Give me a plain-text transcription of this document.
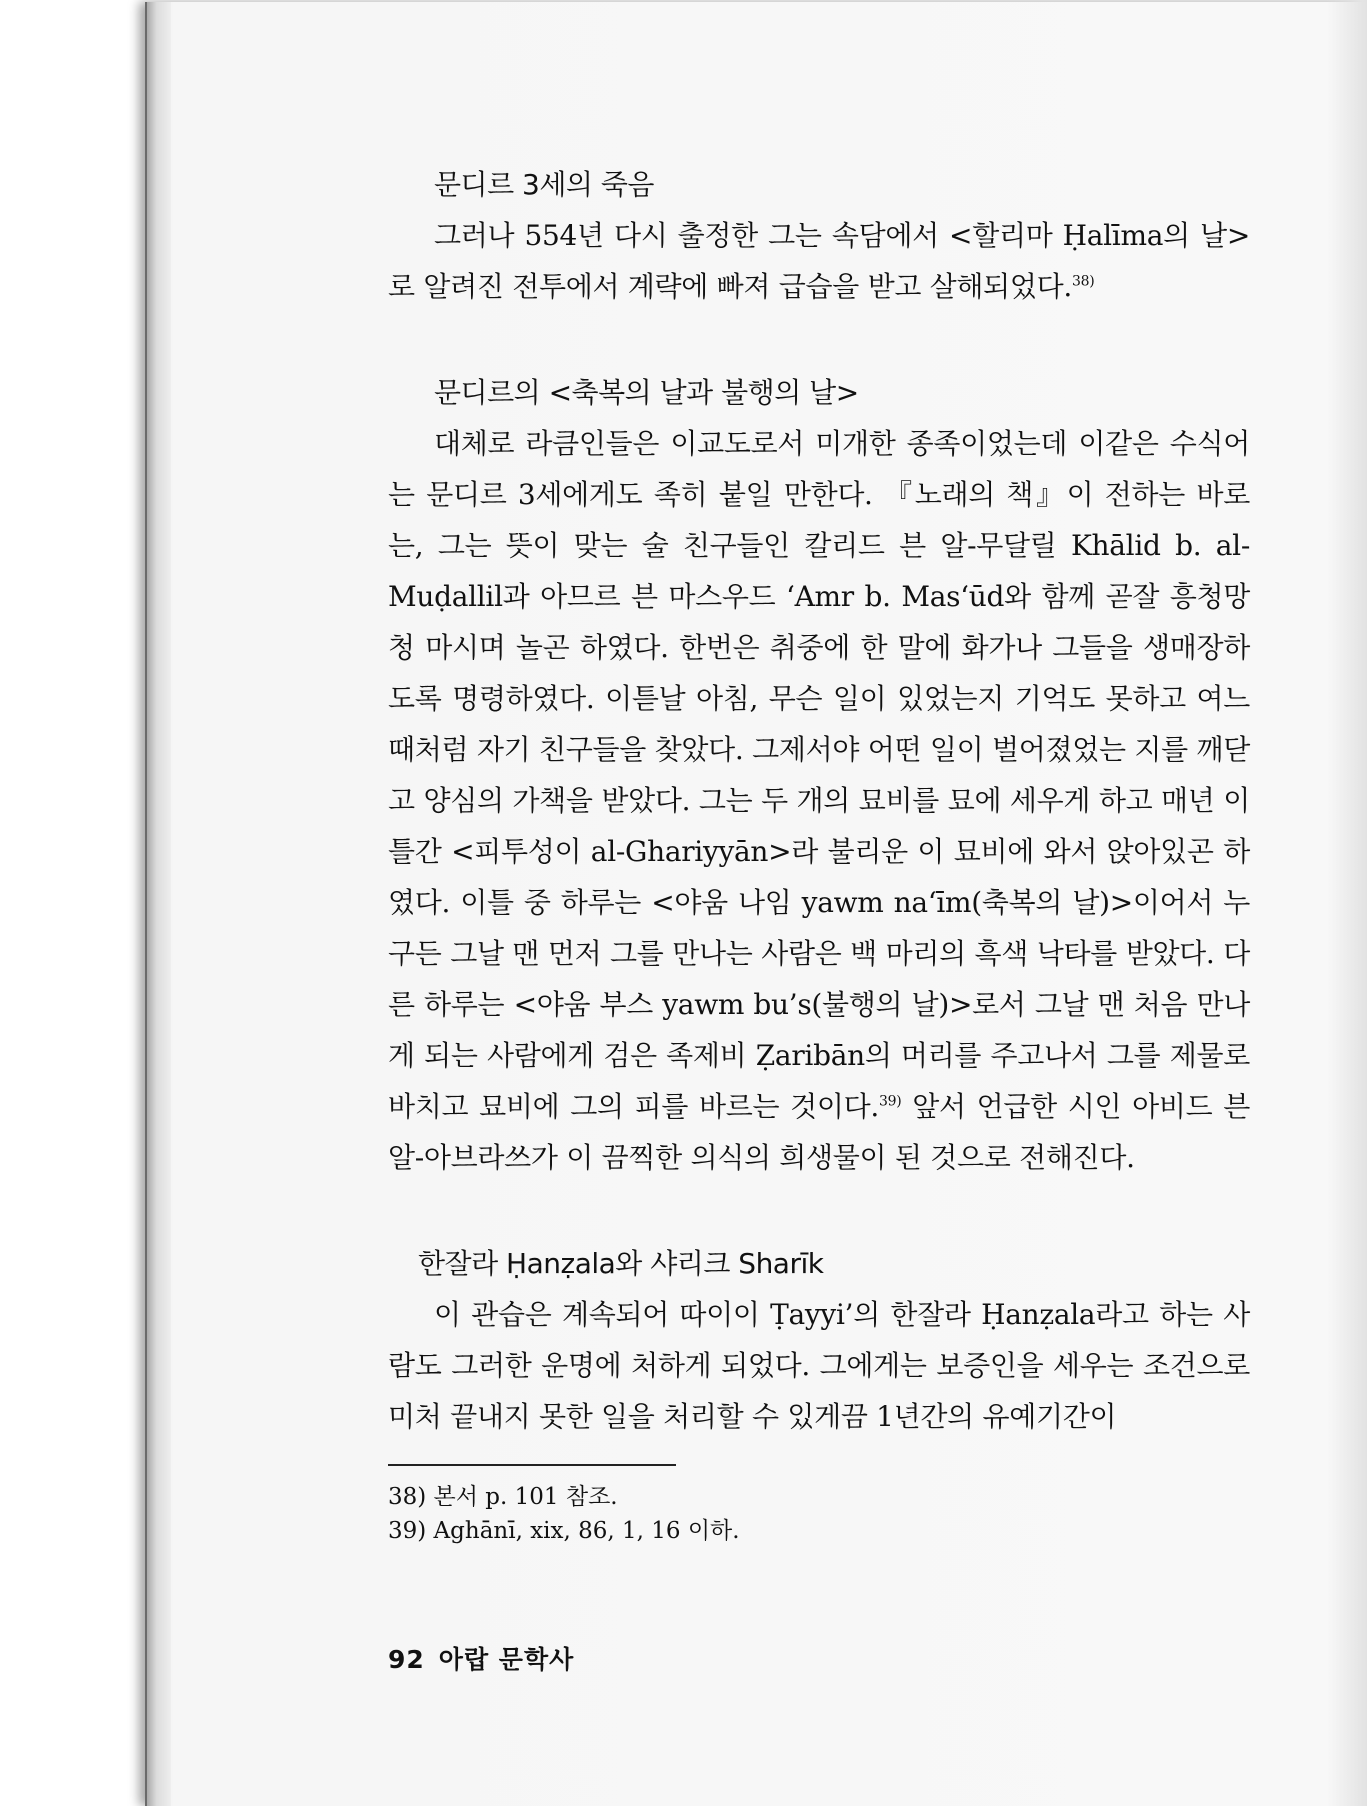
문디르 3세의 죽음

그러나 554년 다시 출정한 그는 속담에서 <할리마 Ḥalīma의 날>로 알려진 전투에서 계략에 빠져 급습을 받고 살해되었다.$^{38)}$

문디르의 <축복의 날과 불행의 날>

대체로 라큼인들은 이교도로서 미개한 종족이었는데 이같은 수식어는 문디르 3세에게도 족히 붙일 만한다. 『노래의 책』이 전하는 바로는, 그는 뜻이 맞는 술 친구들인 칼리드 븐 알-무달릴 Khālid b. al-Muḍallil과 아므르 븐 마스우드 ‘Amr b. Mas‘ūd와 함께 곧잘 흥청망청 마시며 놀곤 하였다. 한번은 취중에 한 말에 화가나 그들을 생매장하도록 명령하였다. 이튿날 아침, 무슨 일이 있었는지 기억도 못하고 여느 때처럼 자기 친구들을 찾았다. 그제서야 어떤 일이 벌어졌었는 지를 깨닫고 양심의 가책을 받았다. 그는 두 개의 묘비를 묘에 세우게 하고 매년 이틀간 <피투성이 al-Ghariyyān>라 불리운 이 묘비에 와서 앉아있곤 하였다. 이틀 중 하루는 <야움 나임 yawm na‘īm(축복의 날)>이어서 누구든 그날 맨 먼저 그를 만나는 사람은 백 마리의 흑색 낙타를 받았다. 다른 하루는 <야움 부스 yawm bu’s(불행의 날)>로서 그날 맨 처음 만나게 되는 사람에게 검은 족제비 Ẓaribān의 머리를 주고나서 그를 제물로 바치고 묘비에 그의 피를 바르는 것이다.$^{39)}$ 앞서 언급한 시인 아비드 븐 알-아브라쓰가 이 끔찍한 의식의 희생물이 된 것으로 전해진다.

한잘라 Ḥanẓala와 샤리크 Sharīk

이 관습은 계속되어 따이이 Ṭayyi’의 한잘라 Ḥanẓala라고 하는 사람도 그러한 운명에 처하게 되었다. 그에게는 보증인을 세우는 조건으로 미처 끝내지 못한 일을 처리할 수 있게끔 1년간의 유예기간이

38) 본서 p. 101 참조.

39) Aghānī, xix, 86, 1, 16 이하.

92 아랍 문학사
